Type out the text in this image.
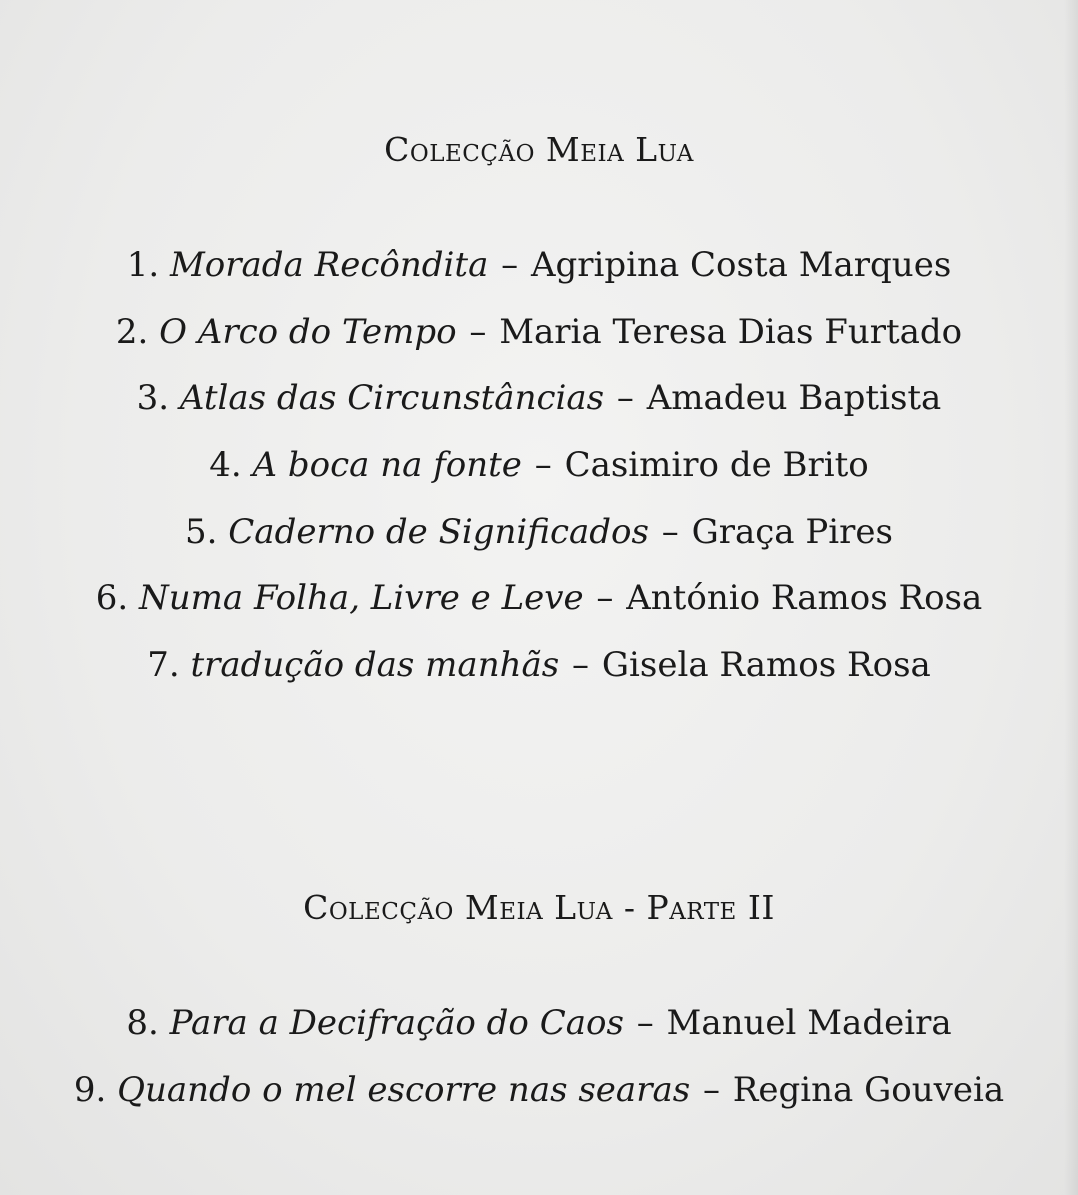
Colecção Meia Lua
1. Morada Recôndita – Agripina Costa Marques
2. O Arco do Tempo – Maria Teresa Dias Furtado
3. Atlas das Circunstâncias – Amadeu Baptista
4. A boca na fonte – Casimiro de Brito
5. Caderno de Significados – Graça Pires
6. Numa Folha, Livre e Leve – António Ramos Rosa
7. tradução das manhãs – Gisela Ramos Rosa
Colecção Meia Lua - Parte II
8. Para a Decifração do Caos – Manuel Madeira
9. Quando o mel escorre nas searas – Regina Gouveia
